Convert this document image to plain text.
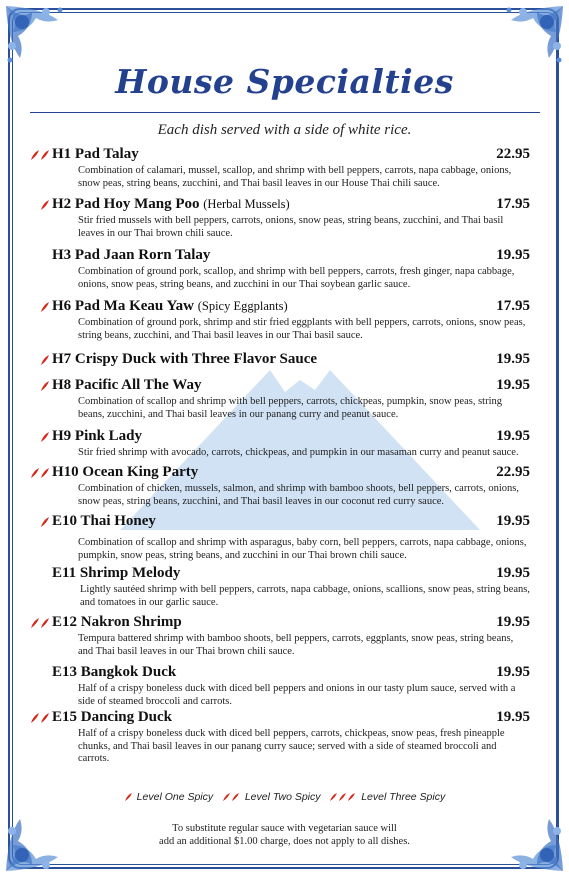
House Specialties
Each dish served with a side of white rice.
H1 Pad Talay	22.95
Combination of calamari, mussel, scallop, and shrimp with bell peppers, carrots, napa cabbage, onions, snow peas, string beans, zucchini, and Thai basil leaves in our House Thai chili sauce.
H2 Pad Hoy Mang Poo (Herbal Mussels)	17.95
Stir fried mussels with bell peppers, carrots, onions, snow peas, string beans, zucchini, and Thai basil leaves in our Thai brown chili sauce.
H3 Pad Jaan Rorn Talay	19.95
Combination of ground pork, scallop, and shrimp with bell peppers, carrots, fresh ginger, napa cabbage, onions, snow peas, string beans, and zucchini in our Thai soybean garlic sauce.
H6 Pad Ma Keau Yaw (Spicy Eggplants)	17.95
Combination of ground pork, shrimp and stir fried eggplants with bell peppers, carrots, onions, snow peas, string beans, zucchini, and Thai basil leaves in our Thai basil sauce.
H7 Crispy Duck with Three Flavor Sauce	19.95
H8 Pacific All The Way	19.95
Combination of scallop and shrimp with bell peppers, carrots, chickpeas, pumpkin, snow peas, string beans, zucchini, and Thai basil leaves in our panang curry and peanut sauce.
H9 Pink Lady	19.95
Stir fried shrimp with avocado, carrots, chickpeas, and pumpkin in our masaman curry and peanut sauce.
H10 Ocean King Party	22.95
Combination of chicken, mussels, salmon, and shrimp with bamboo shoots, bell peppers, carrots, onions, snow peas, string beans, zucchini, and Thai basil leaves in our coconut red curry sauce.
E10 Thai Honey	19.95
Combination of scallop and shrimp with asparagus, baby corn, bell peppers, carrots, napa cabbage, onions, pumpkin, snow peas, string beans, and zucchini in our Thai brown chili sauce.
E11 Shrimp Melody	19.95
Lightly sautéed shrimp with bell peppers, carrots, napa cabbage, onions, scallions, snow peas, string beans, and tomatoes in our garlic sauce.
E12 Nakron Shrimp	19.95
Tempura battered shrimp with bamboo shoots, bell peppers, carrots, eggplants, snow peas, string beans, and Thai basil leaves in our Thai brown chili sauce.
E13 Bangkok Duck	19.95
Half of a crispy boneless duck with diced bell peppers and onions in our tasty plum sauce, served with a side of steamed broccoli and carrots.
E15 Dancing Duck	19.95
Half of a crispy boneless duck with diced bell peppers, carrots, chickpeas, snow peas, fresh pineapple chunks, and Thai basil leaves in our panang curry sauce; served with a side of steamed broccoli and carrots.
Level One Spicy	Level Two Spicy	Level Three Spicy
To substitute regular sauce with vegetarian sauce will
add an additional $1.00 charge, does not apply to all dishes.
